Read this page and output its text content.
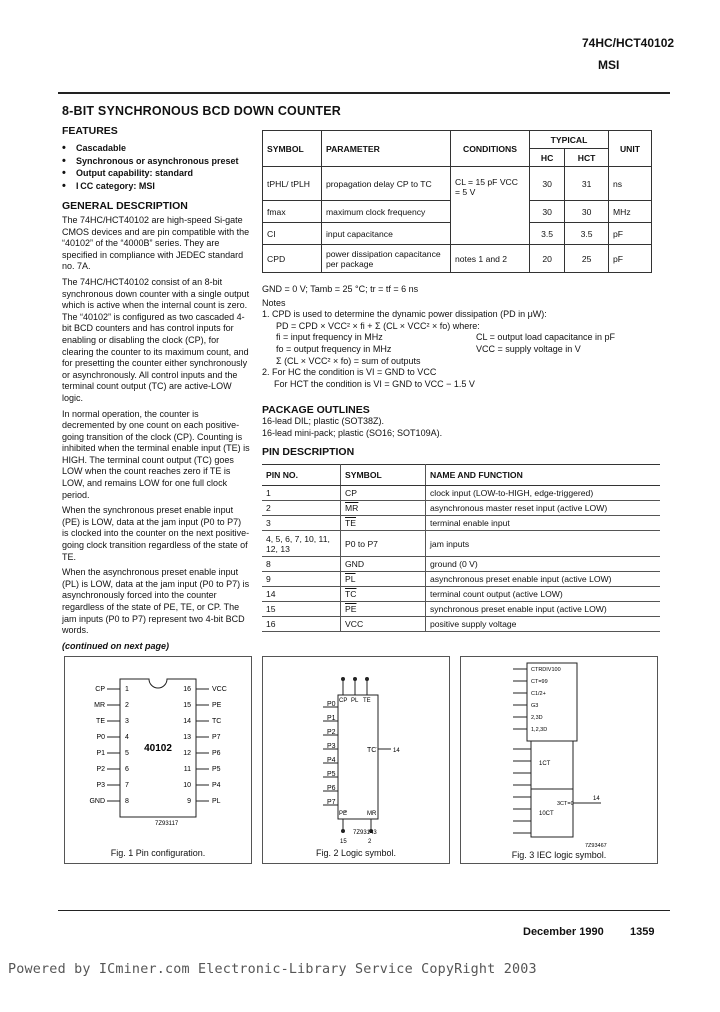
74HC/HCT40102
MSI
8-BIT SYNCHRONOUS BCD DOWN COUNTER
FEATURES
• Cascadable
• Synchronous or asynchronous preset
• Output capability: standard
• I CC category: MSI
GENERAL DESCRIPTION

The 74HC/HCT40102 are high-speed Si-gate CMOS devices and are pin compatible with the “40102” of the “4000B” series. They are specified in compliance with JEDEC standard no. 7A.

The 74HC/HCT40102 consist of an 8-bit synchronous down counter with a single output which is active when the internal count is zero. The “40102” is configured as two cascaded 4-bit BCD counters and has control inputs for enabling or disabling the clock (CP), for clearing the counter to its maximum count, and for presetting the counter either synchronously or asynchronously. All control inputs and the terminal count output (TC) are active-LOW logic.

In normal operation, the counter is decremented by one count on each positive-going transition of the clock (CP). Counting is inhibited when the terminal enable input (TE) is HIGH. The terminal count output (TC) goes LOW when the count reaches zero if TE is LOW, and remains LOW for one full clock period.

When the synchronous preset enable input (PE) is LOW, data at the jam input (P0 to P7) is clocked into the counter on the next positive-going clock transition regardless of the state of TE.

When the asynchronous preset enable input (PL) is LOW, data at the jam input (P0 to P7) is asynchronously forced into the counter regardless of the state of PE, TE, or CP. The jam inputs (P0 to P7) represent two 4-bit BCD words.

(continued on next page)

SYMBOL	PARAMETER	CONDITIONS	TYPICAL		UNIT
			HC	HCT	
tPHL/ tPLH	propagation delay CP to TC	CL = 15 pF VCC = 5 V	30	31	ns
fmax	maximum clock frequency		30	30	MHz
CI	input capacitance		3.5	3.5	pF
CPD	power dissipation capacitance per package	notes 1 and 2	20	25	pF
GND = 0 V; Tamb = 25 °C; tr = tf = 6 ns
Notes
1. CPD is used to determine the dynamic power dissipation (PD in μW):
PD = CPD × VCC² × fi + Σ (CL × VCC² × fo) where:
fi = input frequency in MHz
fo = output frequency in MHz
Σ (CL × VCC² × fo) = sum of outputs
CL = output load capacitance in pF
VCC = supply voltage in V
2. For HC the condition is VI = GND to VCC
For HCT the condition is VI = GND to VCC − 1.5 V
PACKAGE OUTLINES
16-lead DIL; plastic (SOT38Z).
16-lead mini-pack; plastic (SO16; SOT109A).
PIN DESCRIPTION
PIN NO.	SYMBOL	NAME AND FUNCTION
1	CP	clock input (LOW-to-HIGH, edge-triggered)
2	$\overline{MR}$	asynchronous master reset input (active LOW)
3	$\overline{TE}$	terminal enable input
4, 5, 6, 7, 10, 11, 12, 13	P0 to P7	jam inputs
8	GND	ground (0 V)
9	$\overline{PL}$	asynchronous preset enable input (active LOW)
14	$\overline{TC}$	terminal count output (active LOW)
15	$\overline{PE}$	synchronous preset enable input (active LOW)
16	VCC	positive supply voltage
40102
CP	1
MR	2
TE	3
P0	4
P1	5
P2	6
P3	7
GND	8
16	VCC
15	PE
14	TC
13	P7
12	P6
11	P5
10	P4
9	PL
7Z93117
Fig. 1 Pin configuration.
CP PL TE
P0
P1
P2
P3
P4
P5
P6
P7
TC	14
PE
15
MR
2
7Z93143
Fig. 2 Logic symbol.
CTRDIV100
CT=99
C1/2+
G3
2,3D
1,2,3D
1CT
10CT
3CT=0
14
7Z93467
Fig. 3 IEC logic symbol.
December 1990 1359
Powered by ICminer.com Electronic-Library Service CopyRight 2003
